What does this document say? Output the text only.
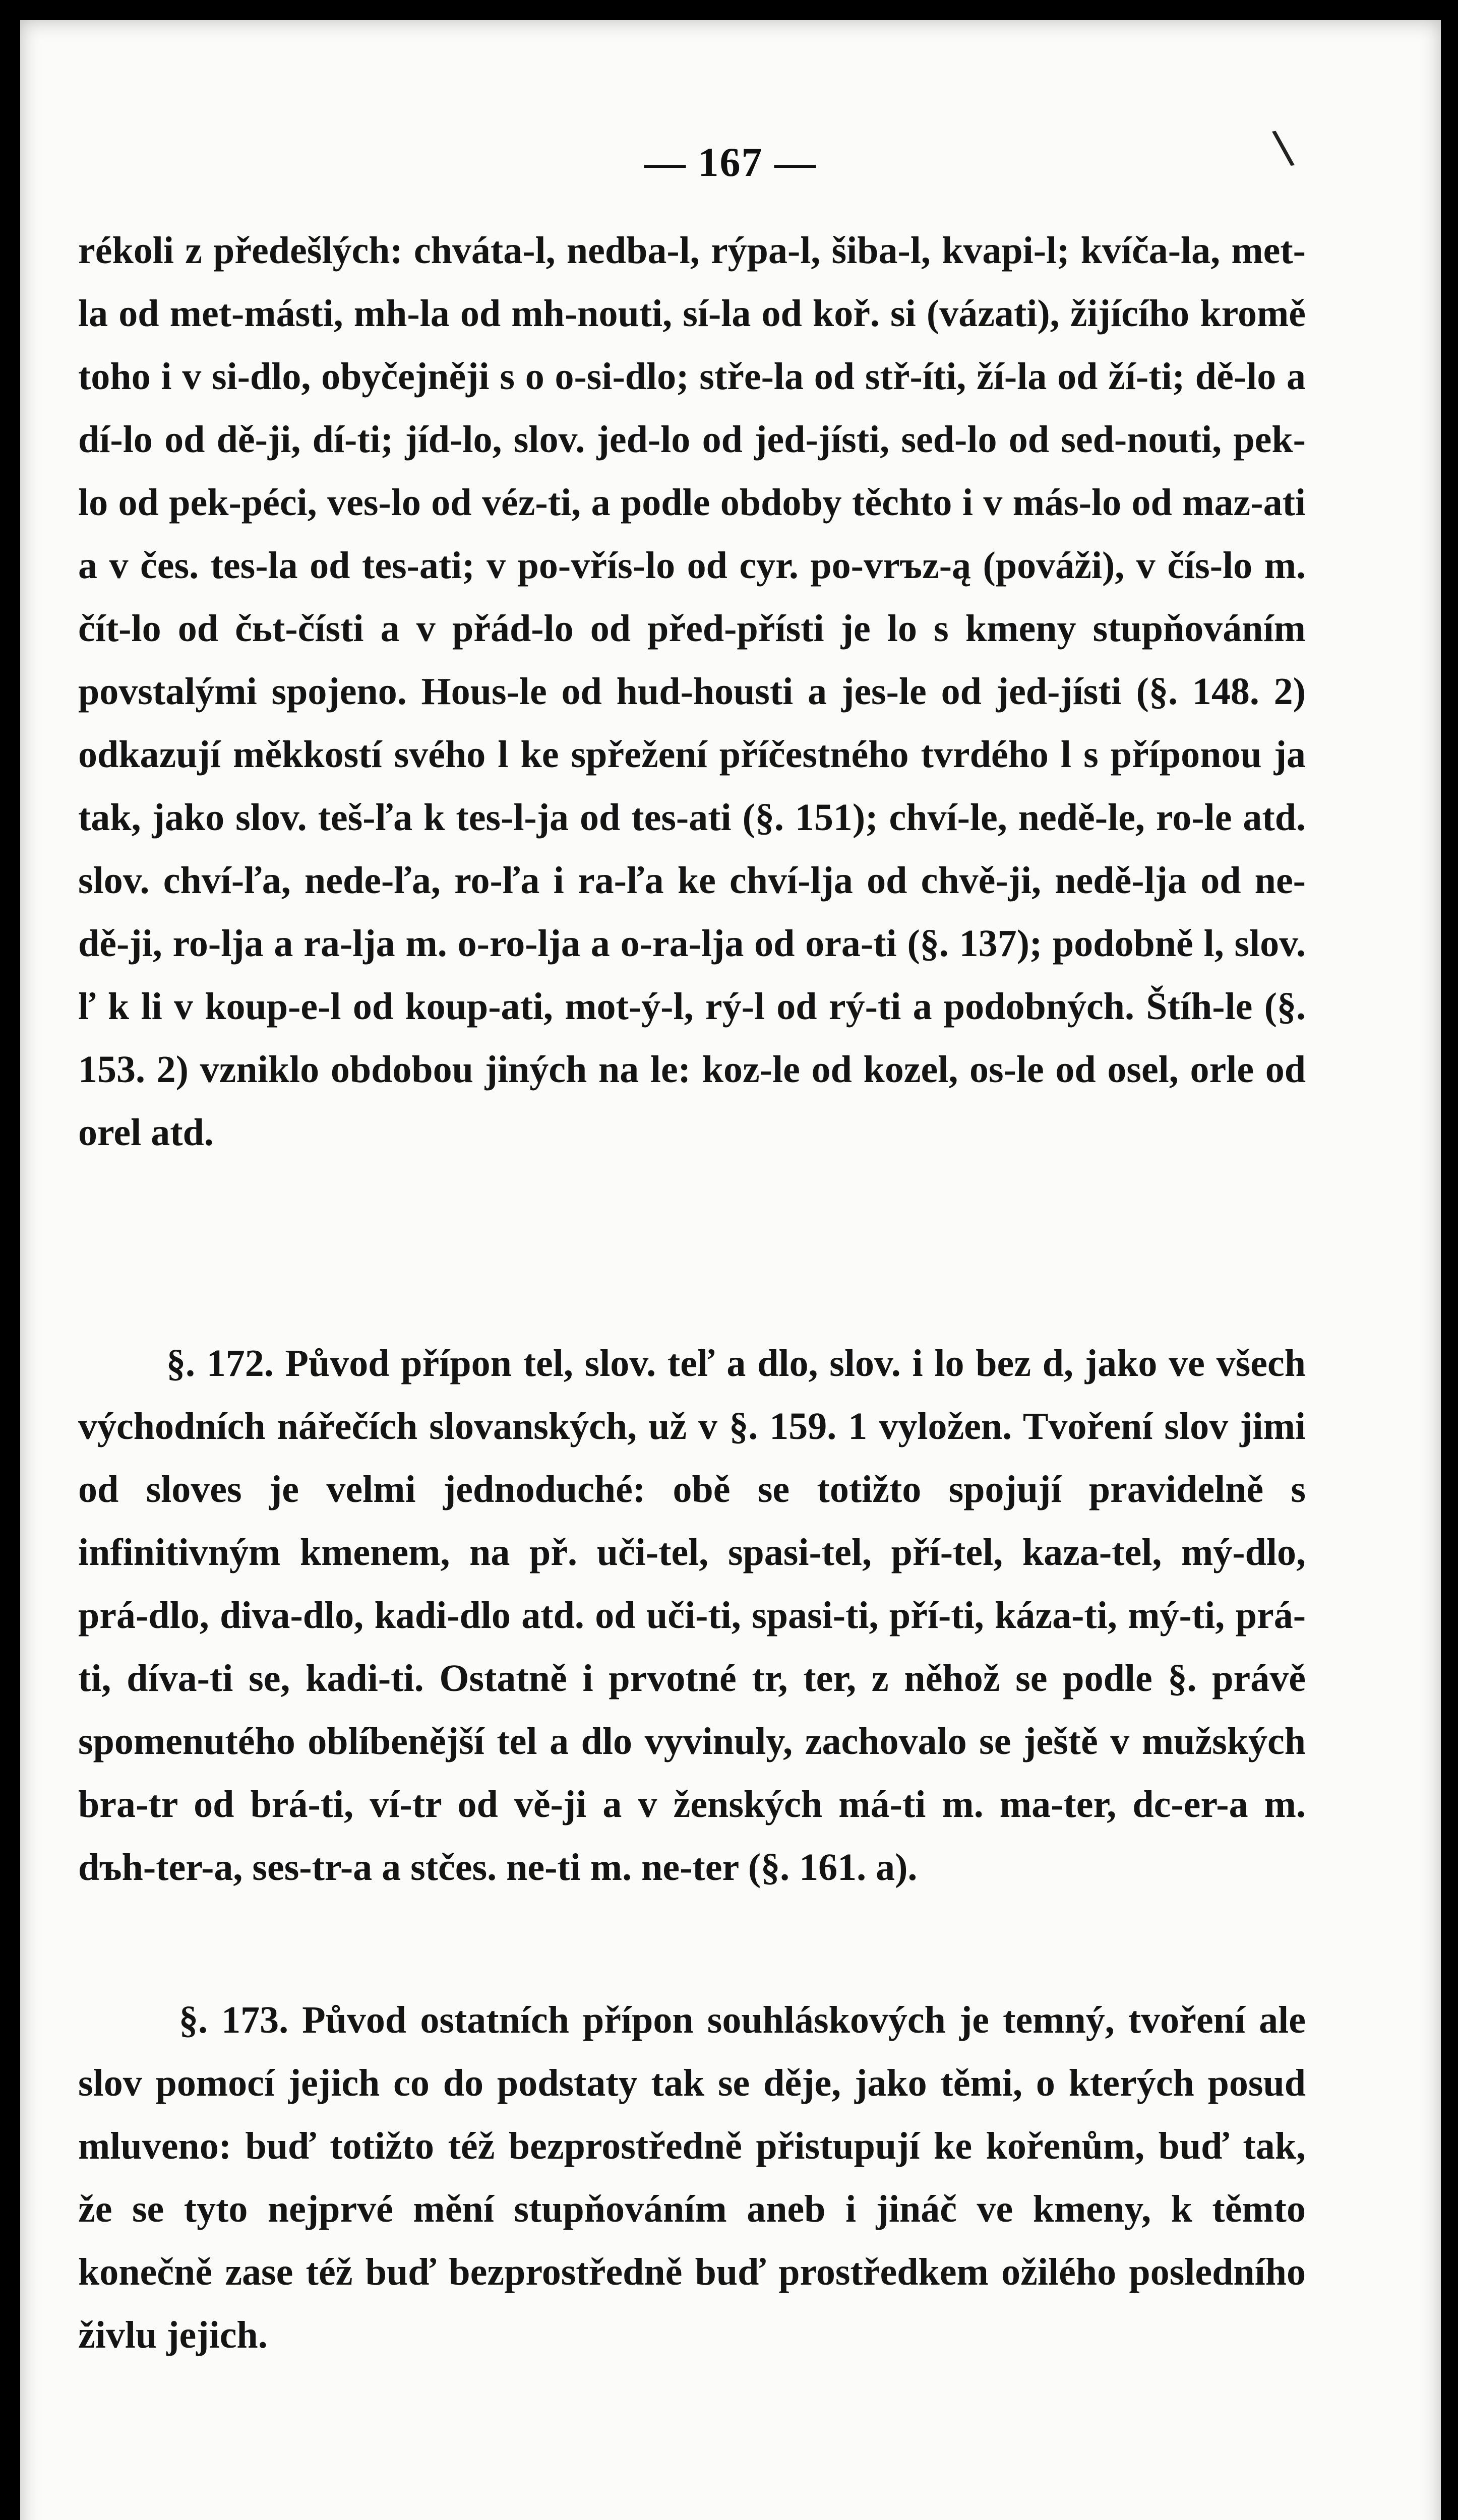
\
— 167 —

rékoli z předešlých: chváta-l, nedba-l, rýpa-l, šiba-l, kvapi-l; kvíča-la, met-la od met-másti, mh-la od mh-nouti, sí-la od koř. si (vázati), žijícího kromě toho i v si-dlo, obyčejněji s o o-si-dlo; stře-la od stř-íti, ží-la od ží-ti; dě-lo a dí-lo od dě-ji, dí-ti; jíd-lo, slov. jed-lo od jed-jísti, sed-lo od sed-nouti, pek-lo od pek-péci, ves-lo od véz-ti, a podle obdoby těchto i v más-lo od maz-ati a v čes. tes-la od tes-ati; v po-vřís-lo od cyr. po-vrъz-ą (pováži), v čís-lo m. čít-lo od čьt-čísti a v přád-lo od před-přísti je lo s kmeny stupňováním povstalými spojeno. Hous-le od hud-housti a jes-le od jed-jísti (§. 148. 2) odkazují měkkostí svého l ke spřežení příčestného tvrdého l s příponou ja tak, jako slov. teš-ľa k tes-l-ja od tes-ati (§. 151); chví-le, nedě-le, ro-le atd. slov. chví-ľa, nede-ľa, ro-ľa i ra-ľa ke chví-lja od chvě-ji, nedě-lja od ne-dě-ji, ro-lja a ra-lja m. o-ro-lja a o-ra-lja od ora-ti (§. 137); podobně l, slov. ľ k li v koup-e-l od koup-ati, mot-ý-l, rý-l od rý-ti a podobných. Štíh-le (§. 153. 2) vzniklo obdobou jiných na le: koz-le od kozel, os-le od osel, orle od orel atd.

§. 172. Původ přípon tel, slov. teľ a dlo, slov. i lo bez d, jako ve všech východních nářečích slovanských, už v §. 159. 1 vyložen. Tvoření slov jimi od sloves je velmi jednoduché: obě se totižto spojují pravidelně s infinitivným kmenem, na př. uči-tel, spasi-tel, pří-tel, kaza-tel, mý-dlo, prá-dlo, diva-dlo, kadi-dlo atd. od uči-ti, spasi-ti, pří-ti, káza-ti, mý-ti, prá-ti, díva-ti se, kadi-ti. Ostatně i prvotné tr, ter, z něhož se podle §. právě spomenutého oblíbenější tel a dlo vyvinuly, zachovalo se ještě v mužských bra-tr od brá-ti, ví-tr od vě-ji a v ženských má-ti m. ma-ter, dc-er-a m. dъh-ter-a, ses-tr-a a stčes. ne-ti m. ne-ter (§. 161. a).

§. 173. Původ ostatních přípon souhláskových je temný, tvoření ale slov pomocí jejich co do podstaty tak se děje, jako těmi, o kterých posud mluveno: buď totižto též bezprostředně přistupují ke kořenům, buď tak, že se tyto nejprvé mění stupňováním aneb i jináč ve kmeny, k těmto konečně zase též buď bezprostředně buď prostředkem ožilého posledního živlu jejich.
